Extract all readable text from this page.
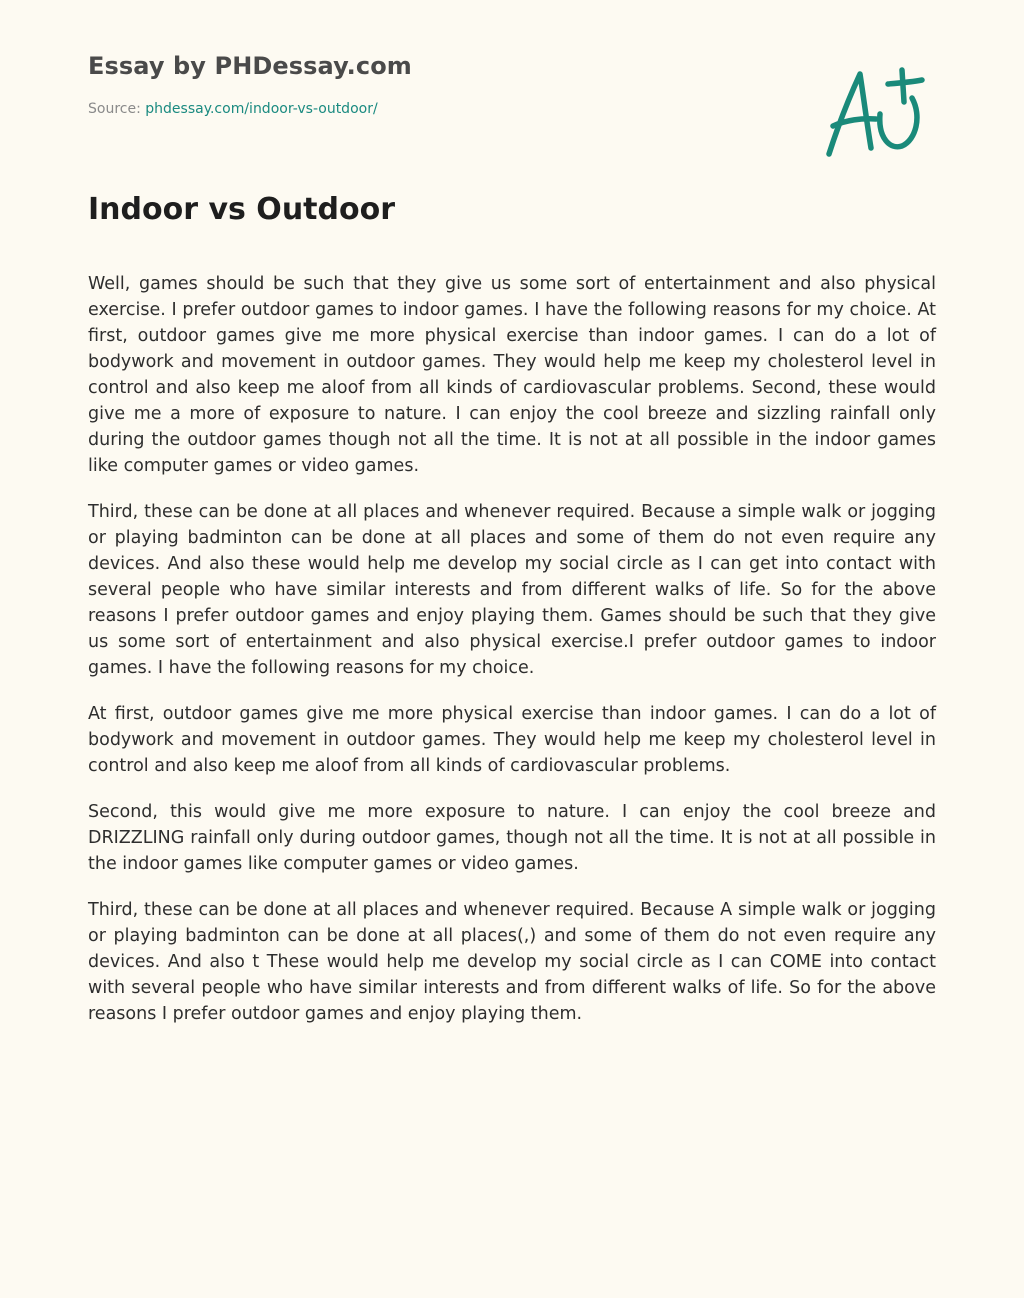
Essay by PHDessay.com
Source: phdessay.com/indoor-vs-outdoor/
Indoor vs Outdoor

Well, games should be such that they give us some sort of entertainment and also physical exercise. I prefer outdoor games to indoor games. I have the following reasons for my choice. At first, outdoor games give me more physical exercise than indoor games. I can do a lot of bodywork and movement in outdoor games. They would help me keep my cholesterol level in control and also keep me aloof from all kinds of cardiovascular problems. Second, these would give me a more of exposure to nature. I can enjoy the cool breeze and sizzling rainfall only during the outdoor games though not all the time. It is not at all possible in the indoor games like computer games or video games.

Third, these can be done at all places and whenever required. Because a simple walk or jogging or playing badminton can be done at all places and some of them do not even require any devices. And also these would help me develop my social circle as I can get into contact with several people who have similar interests and from different walks of life. So for the above reasons I prefer outdoor games and enjoy playing them. Games should be such that they give us some sort of entertainment and also physical exercise.I prefer outdoor games to indoor games. I have the following reasons for my choice.

At first, outdoor games give me more physical exercise than indoor games. I can do a lot of bodywork and movement in outdoor games. They would help me keep my cholesterol level in control and also keep me aloof from all kinds of cardiovascular problems.

Second, this would give me more exposure to nature. I can enjoy the cool breeze and DRIZZLING rainfall only during outdoor games, though not all the time. It is not at all possible in the indoor games like computer games or video games.

Third, these can be done at all places and whenever required. Because A simple walk or jogging or playing badminton can be done at all places(,) and some of them do not even require any devices. And also t These would help me develop my social circle as I can COME into contact with several people who have similar interests and from different walks of life. So for the above reasons I prefer outdoor games and enjoy playing them.
